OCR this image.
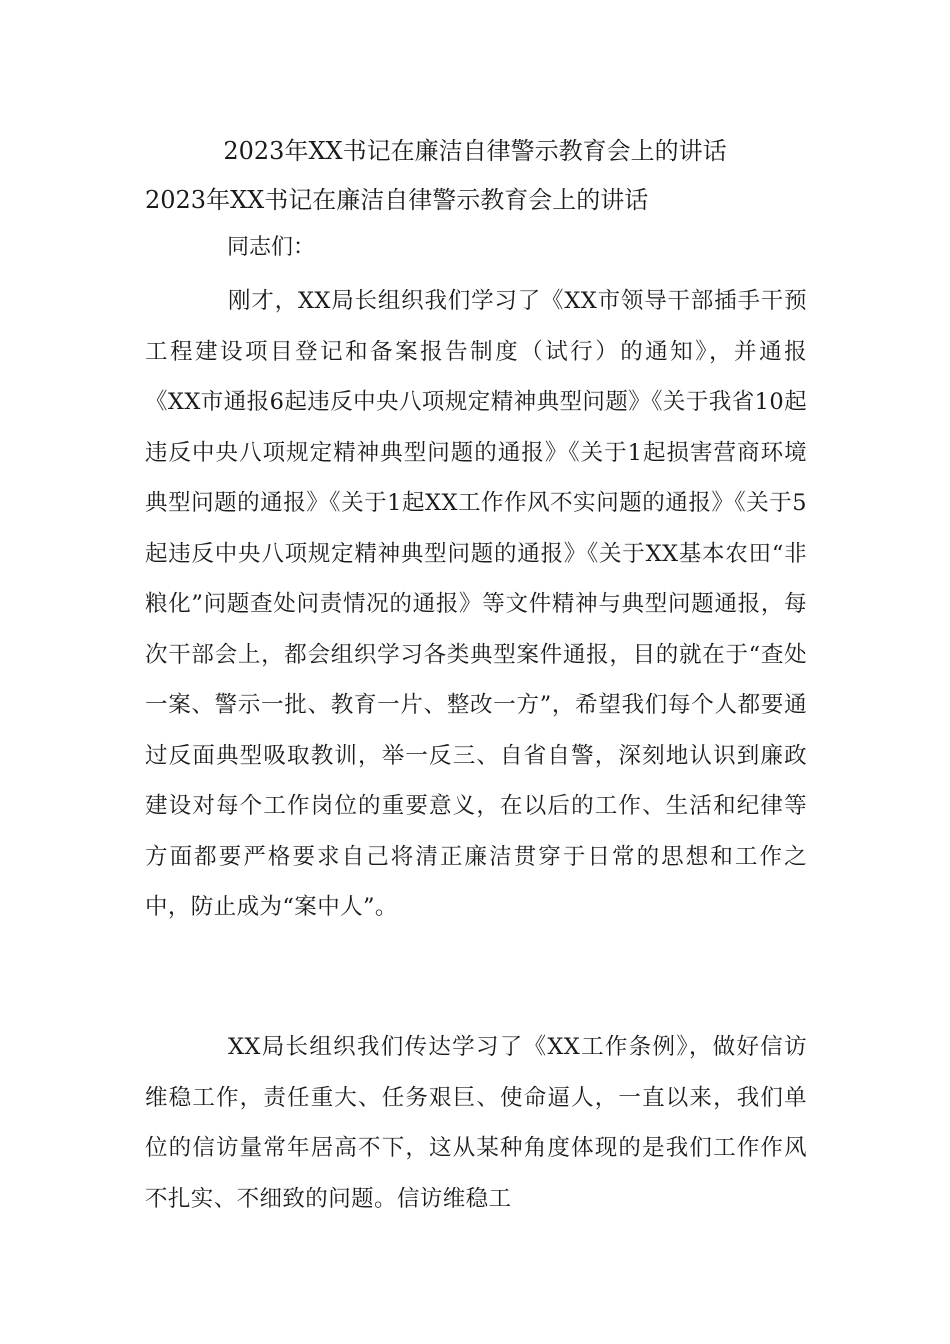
2023年XX书记在廉洁自律警示教育会上的讲话
2023年XX书记在廉洁自律警示教育会上的讲话
同志们：

刚才，XX局长组织我们学习了《XX市领导干部插手干预工程建设项目登记和备案报告制度（试行）的通知》，并通报《XX市通报6起违反中央八项规定精神典型问题》《关于我省10起违反中央八项规定精神典型问题的通报》《关于1起损害营商环境典型问题的通报》《关于1起XX工作作风不实问题的通报》《关于5起违反中央八项规定精神典型问题的通报》《关于XX基本农田“非粮化”问题查处问责情况的通报》等文件精神与典型问题通报，每次干部会上，都会组织学习各类典型案件通报，目的就在于“查处一案、警示一批、教育一片、整改一方”，希望我们每个人都要通过反面典型吸取教训，举一反三、自省自警，深刻地认识到廉政建设对每个工作岗位的重要意义，在以后的工作、生活和纪律等方面都要严格要求自己将清正廉洁贯穿于日常的思想和工作之中，防止成为“案中人”。

XX局长组织我们传达学习了《XX工作条例》，做好信访维稳工作，责任重大、任务艰巨、使命逼人，一直以来，我们单位的信访量常年居高不下，这从某种角度体现的是我们工作作风不扎实、不细致的问题。信访维稳工
